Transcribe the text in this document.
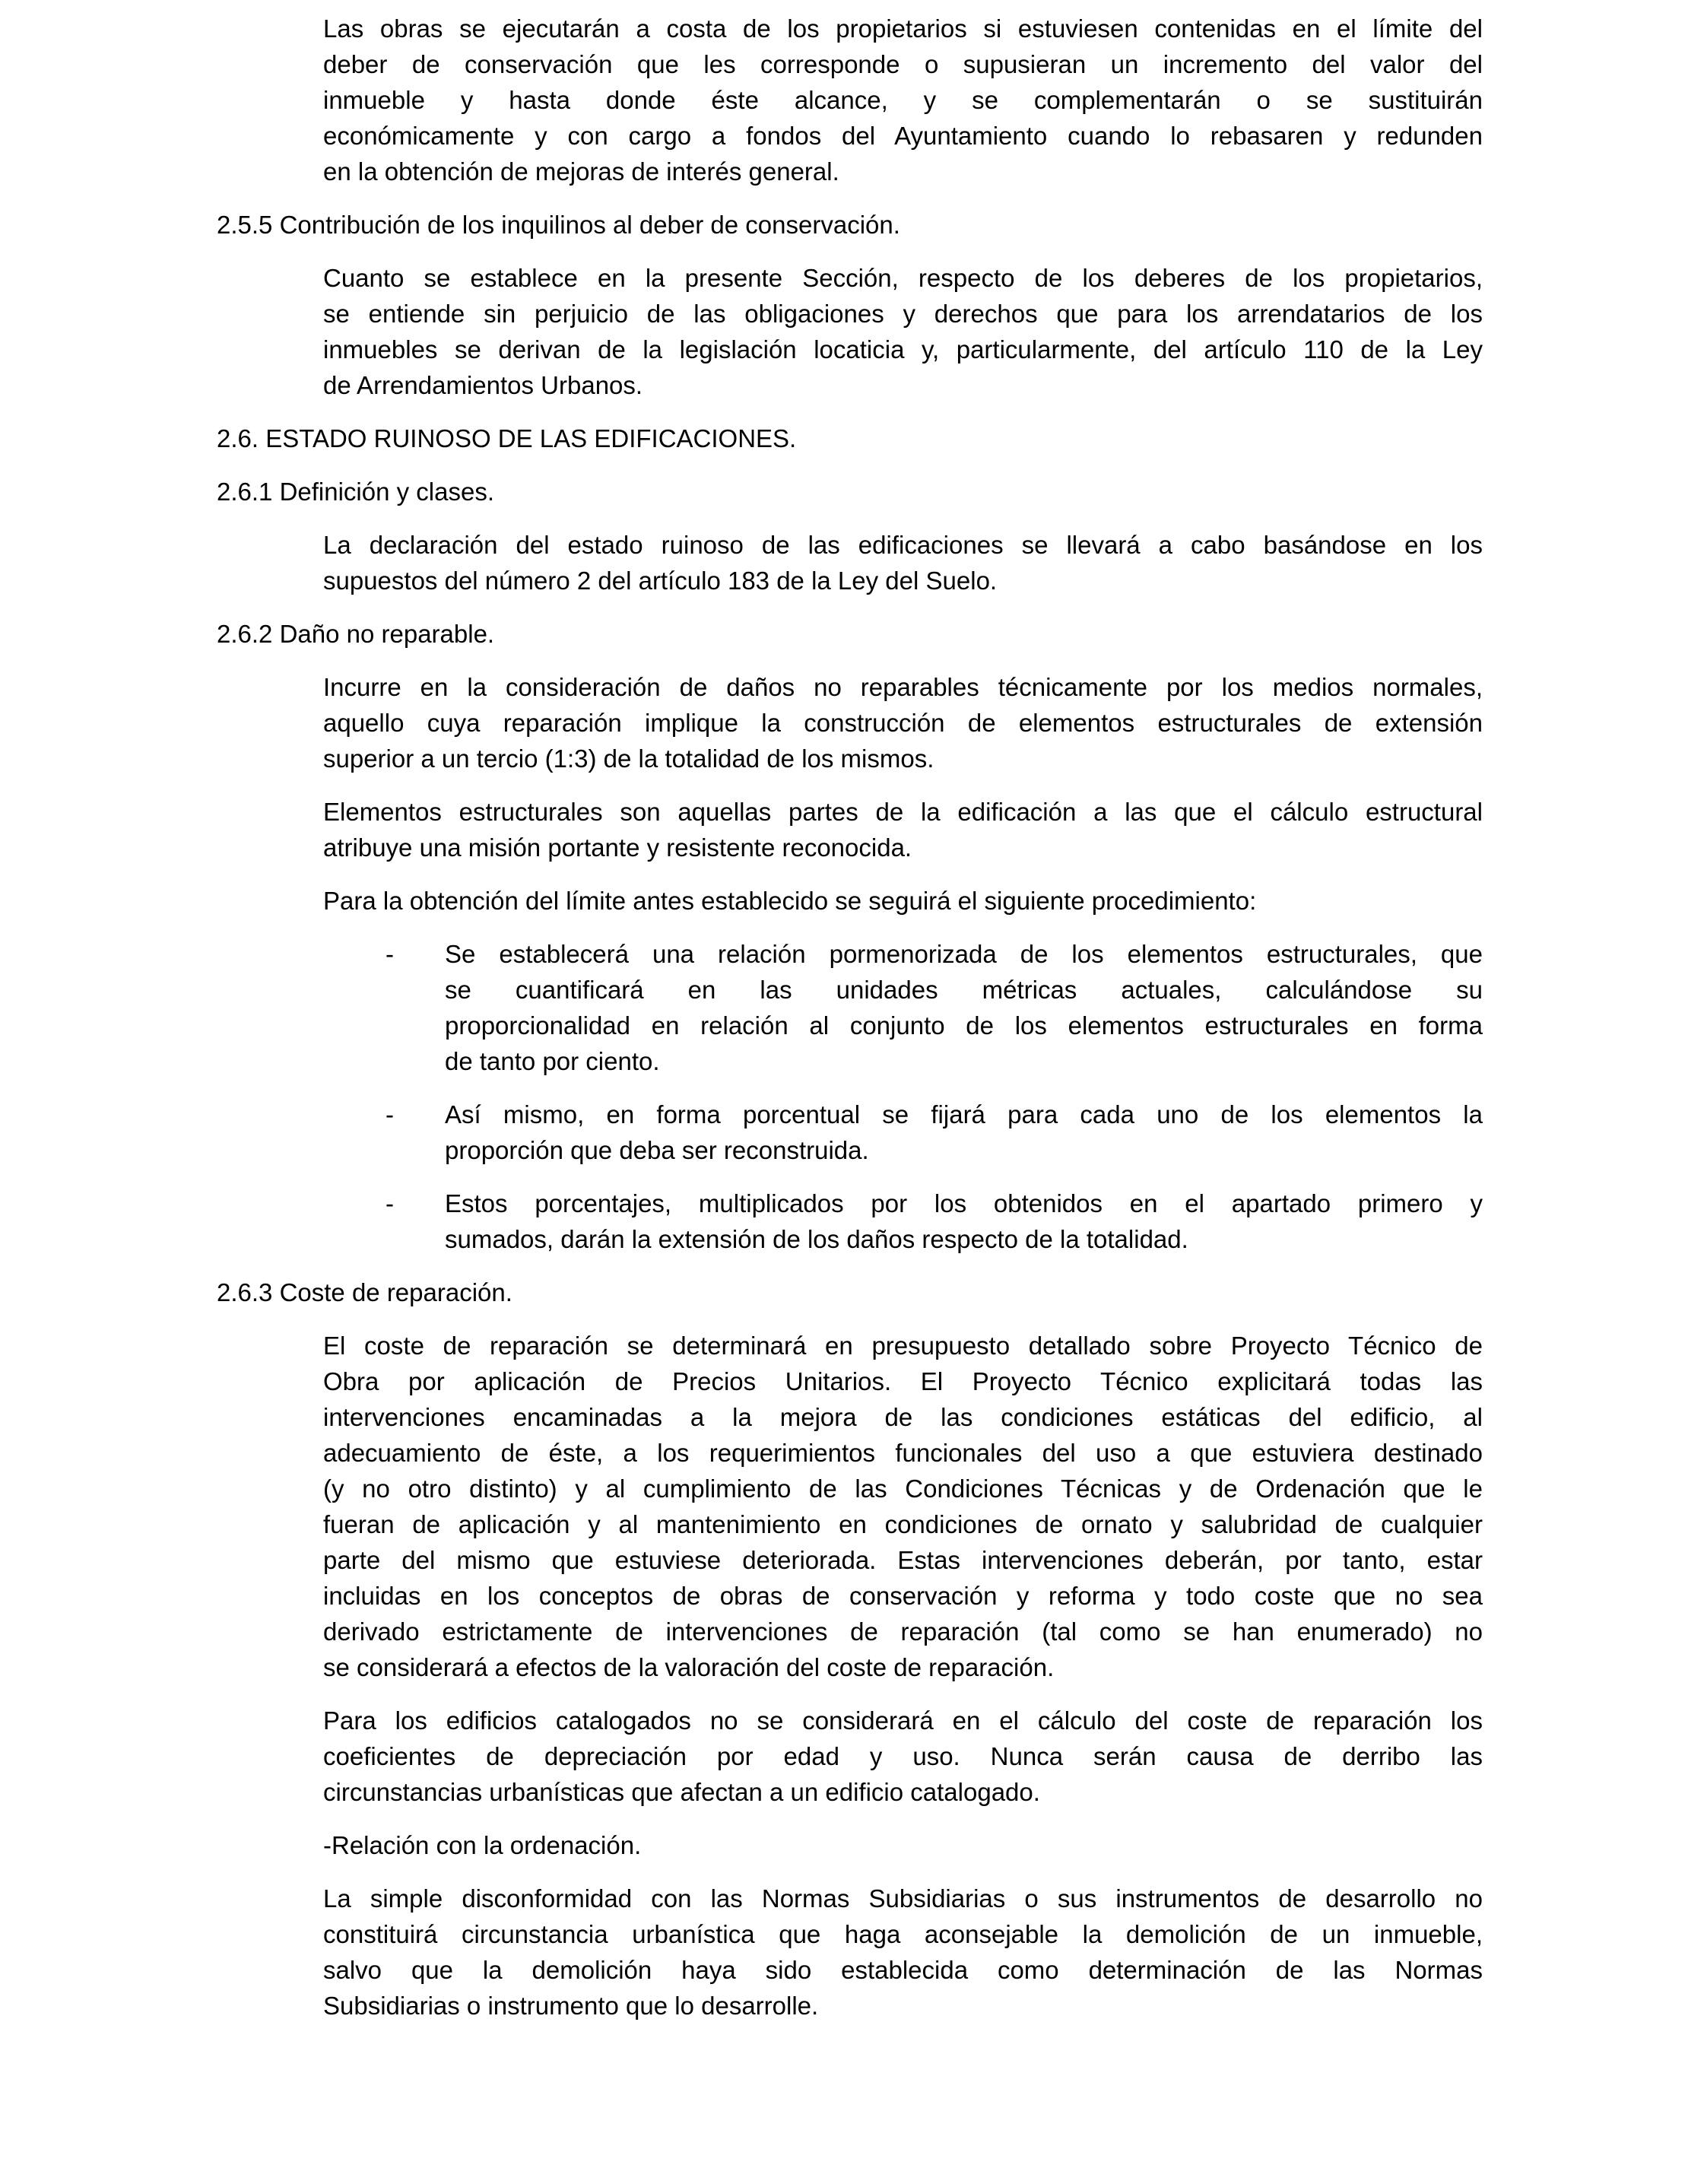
Las obras se ejecutarán a costa de los propietarios si estuviesen contenidas en el límite del
deber de conservación que les corresponde o supusieran un incremento del valor del
inmueble y hasta donde éste alcance, y se complementarán o se sustituirán
económicamente y con cargo a fondos del Ayuntamiento cuando lo rebasaren y redunden
en la obtención de mejoras de interés general.
2.5.5 Contribución de los inquilinos al deber de conservación.
Cuanto se establece en la presente Sección, respecto de los deberes de los propietarios,
se entiende sin perjuicio de las obligaciones y derechos que para los arrendatarios de los
inmuebles se derivan de la legislación locaticia y, particularmente, del artículo 110 de la Ley
de Arrendamientos Urbanos.
2.6. ESTADO RUINOSO DE LAS EDIFICACIONES.
2.6.1 Definición y clases.
La declaración del estado ruinoso de las edificaciones se llevará a cabo basándose en los
supuestos del número 2 del artículo 183 de la Ley del Suelo.
2.6.2 Daño no reparable.
Incurre en la consideración de daños no reparables técnicamente por los medios normales,
aquello cuya reparación implique la construcción de elementos estructurales de extensión
superior a un tercio (1:3) de la totalidad de los mismos.
Elementos estructurales son aquellas partes de la edificación a las que el cálculo estructural
atribuye una misión portante y resistente reconocida.
Para la obtención del límite antes establecido se seguirá el siguiente procedimiento:
-	Se establecerá una relación pormenorizada de los elementos estructurales, que
se cuantificará en las unidades métricas actuales, calculándose su
proporcionalidad en relación al conjunto de los elementos estructurales en forma
de tanto por ciento.
-	Así mismo, en forma porcentual se fijará para cada uno de los elementos la
proporción que deba ser reconstruida.
-	Estos porcentajes, multiplicados por los obtenidos en el apartado primero y
sumados, darán la extensión de los daños respecto de la totalidad.
2.6.3 Coste de reparación.
El coste de reparación se determinará en presupuesto detallado sobre Proyecto Técnico de
Obra por aplicación de Precios Unitarios. El Proyecto Técnico explicitará todas las
intervenciones encaminadas a la mejora de las condiciones estáticas del edificio, al
adecuamiento de éste, a los requerimientos funcionales del uso a que estuviera destinado
(y no otro distinto) y al cumplimiento de las Condiciones Técnicas y de Ordenación que le
fueran de aplicación y al mantenimiento en condiciones de ornato y salubridad de cualquier
parte del mismo que estuviese deteriorada. Estas intervenciones deberán, por tanto, estar
incluidas en los conceptos de obras de conservación y reforma y todo coste que no sea
derivado estrictamente de intervenciones de reparación (tal como se han enumerado) no
se considerará a efectos de la valoración del coste de reparación.
Para los edificios catalogados no se considerará en el cálculo del coste de reparación los
coeficientes de depreciación por edad y uso. Nunca serán causa de derribo las
circunstancias urbanísticas que afectan a un edificio catalogado.
-Relación con la ordenación.
La simple disconformidad con las Normas Subsidiarias o sus instrumentos de desarrollo no
constituirá circunstancia urbanística que haga aconsejable la demolición de un inmueble,
salvo que la demolición haya sido establecida como determinación de las Normas
Subsidiarias o instrumento que lo desarrolle.
